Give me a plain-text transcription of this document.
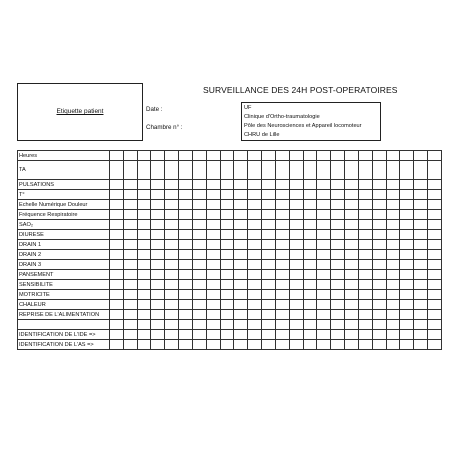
Etiquette patient
SURVEILLANCE DES 24H POST-OPERATOIRES
Date :
Chambre n° :
UF
Clinique d'Ortho-traumatologie
Pôle des Neurosciences et Appareil locomoteur
CHRU de Lille
Heures																								
TA																								
PULSATIONS																								
T°																								
Echelle Numérique Douleur																								
Fréquence Respiratoire																								
SAO₂																								
DIURESE																								
DRAIN 1																								
DRAIN 2																								
DRAIN 3																								
PANSEMENT																								
SENSIBILITE																								
MOTRICITE																								
CHALEUR																								
REPRISE DE L'ALIMENTATION																								

IDENTIFICATION DE L'IDE =>																								
IDENTIFICATION DE L'AS =>																								
